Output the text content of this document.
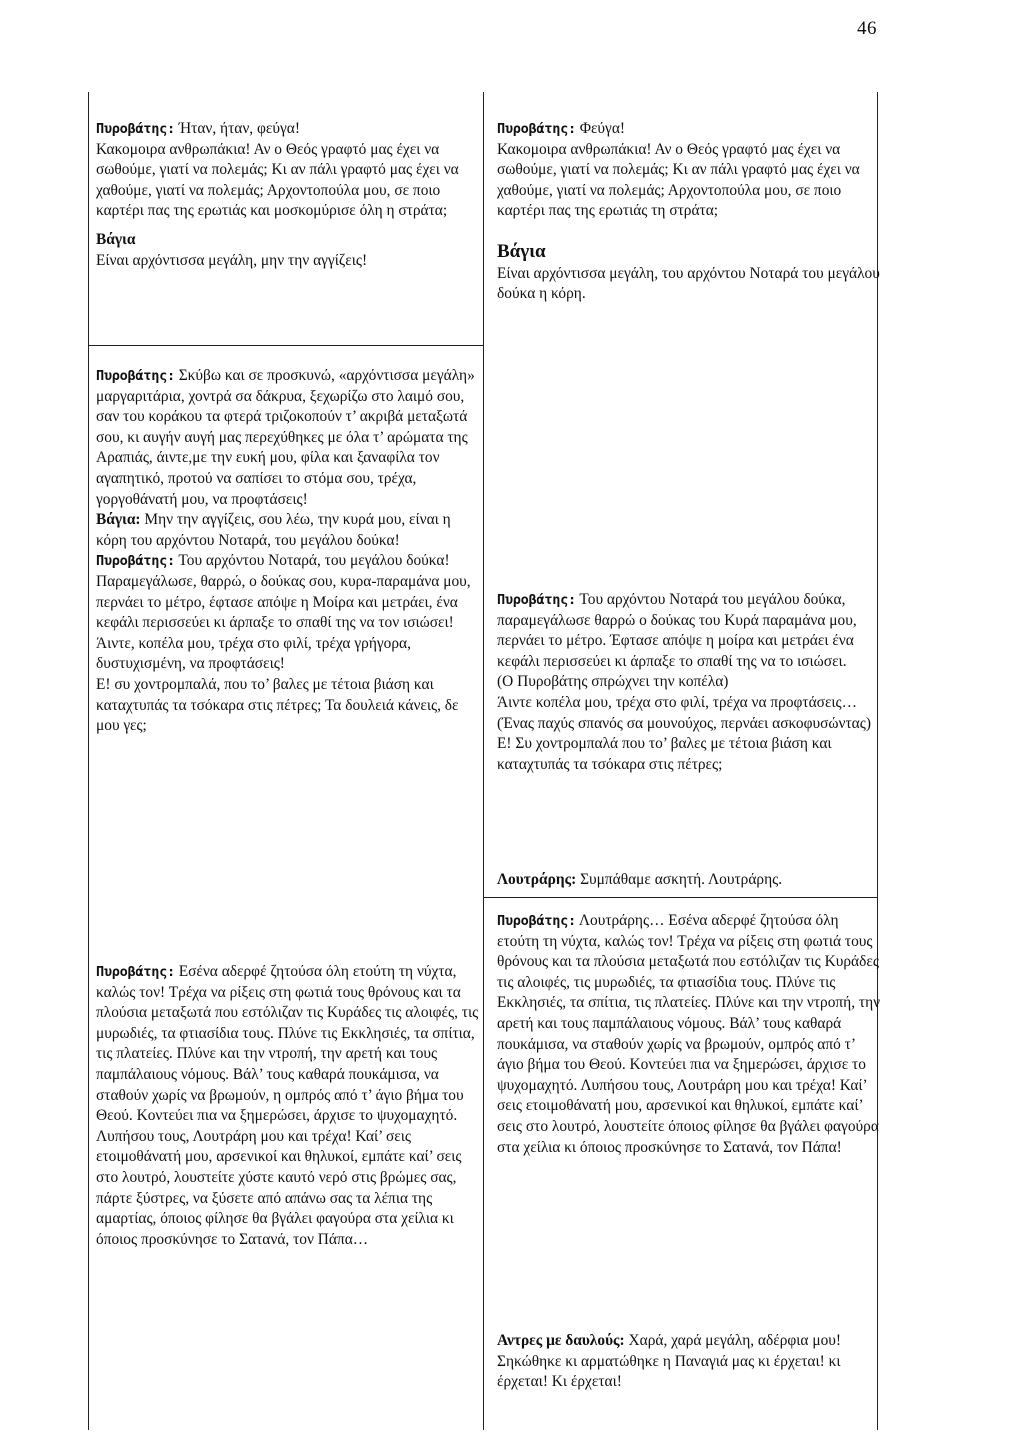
46

Πυροβάτης: Ήταν, ήταν, φεύγα!

Κακομοιρα ανθρωπάκια! Αν ο Θεός γραφτό μας έχει να σωθούμε, γιατί να πολεμάς; Κι αν πάλι γραφτό μας έχει να χαθούμε, γιατί να πολεμάς; Αρχοντοπούλα μου, σε ποιο καρτέρι πας της ερωτιάς και μοσκομύρισε όλη η στράτα;

Βάγια

Είναι αρχόντισσα μεγάλη, μην την αγγίζεις!

Πυροβάτης: Φεύγα!

Κακομοιρα ανθρωπάκια! Αν ο Θεός γραφτό μας έχει να σωθούμε, γιατί να πολεμάς; Κι αν πάλι γραφτό μας έχει να χαθούμε, γιατί να πολεμάς; Αρχοντοπούλα μου, σε ποιο καρτέρι πας της ερωτιάς τη στράτα;

Βάγια

Είναι αρχόντισσα μεγάλη, του αρχόντου Νοταρά του μεγάλου δούκα η κόρη.

Πυροβάτης: Σκύβω και σε προσκυνώ, «αρχόντισσα μεγάλη» μαργαριτάρια, χοντρά σα δάκρυα, ξεχωρίζω στο λαιμό σου, σαν του κοράκου τα φτερά τριζοκοπούν τ’ ακριβά μεταξωτά σου, κι αυγήν αυγή μας περεχύθηκες με όλα τ’ αρώματα της Αραπιάς, άιντε,με την ευκή μου, φίλα και ξαναφίλα τον αγαπητικό, προτού να σαπίσει το στόμα σου, τρέχα, γοργοθάνατή μου, να προφτάσεις!

Βάγια: Μην την αγγίζεις, σου λέω, την κυρά μου, είναι η κόρη του αρχόντου Νοταρά, του μεγάλου δούκα!

Πυροβάτης: Του αρχόντου Νοταρά, του μεγάλου δούκα! Παραμεγάλωσε, θαρρώ, ο δούκας σου, κυρα-παραμάνα μου, περνάει το μέτρο, έφτασε απόψε η Μοίρα και μετράει, ένα κεφάλι περισσεύει κι άρπαξε το σπαθί της να τον ισιώσει!

Άιντε, κοπέλα μου, τρέχα στο φιλί, τρέχα γρήγορα, δυστυχισμένη, να προφτάσεις!

Ε! συ χοντρομπαλά, που το’ βαλες με τέτοια βιάση και καταχτυπάς τα τσόκαρα στις πέτρες; Τα δουλειά κάνεις, δε μου γες;

Πυροβάτης: Του αρχόντου Νοταρά του μεγάλου δούκα, παραμεγάλωσε θαρρώ ο δούκας του Κυρά παραμάνα μου, περνάει το μέτρο. Έφτασε απόψε η μοίρα και μετράει ένα κεφάλι περισσεύει κι άρπαξε το σπαθί της να το ισιώσει.

(Ο Πυροβάτης σπρώχνει την κοπέλα)

Άιντε κοπέλα μου, τρέχα στο φιλί, τρέχα να προφτάσεις…

(Ένας παχύς σπανός σα μουνούχος, περνάει ασκοφυσώντας)

Ε! Συ χοντρομπαλά που το’ βαλες με τέτοια βιάση και καταχτυπάς τα τσόκαρα στις πέτρες;

Λουτράρης: Συμπάθαμε ασκητή. Λουτράρης.

Πυροβάτης: Εσένα αδερφέ ζητούσα όλη ετούτη τη νύχτα, καλώς τον! Τρέχα να ρίξεις στη φωτιά τους θρόνους και τα πλούσια μεταξωτά που εστόλιζαν τις Κυράδες τις αλοιφές, τις μυρωδιές, τα φτιασίδια τους. Πλύνε τις Εκκλησιές, τα σπίτια, τις πλατείες. Πλύνε και την ντροπή, την αρετή και τους παμπάλαιους νόμους. Βάλ’ τους καθαρά πουκάμισα, να σταθούν χωρίς να βρωμούν, η ομπρός από τ’ άγιο βήμα του Θεού. Κοντεύει πια να ξημερώσει, άρχισε το ψυχομαχητό. Λυπήσου τους, Λουτράρη μου και τρέχα! Καί’ σεις ετοιμοθάνατή μου, αρσενικοί και θηλυκοί, εμπάτε καί’ σεις στο λουτρό, λουστείτε χύστε καυτό νερό στις βρώμες σας, πάρτε ξύστρες, να ξύσετε από απάνω σας τα λέπια της αμαρτίας, όποιος φίλησε θα βγάλει φαγούρα στα χείλια κι όποιος προσκύνησε το Σατανά, τον Πάπα…

Πυροβάτης: Λουτράρης… Εσένα αδερφέ ζητούσα όλη ετούτη τη νύχτα, καλώς τον! Τρέχα να ρίξεις στη φωτιά τους θρόνους και τα πλούσια μεταξωτά που εστόλιζαν τις Κυράδες τις αλοιφές, τις μυρωδιές, τα φτιασίδια τους. Πλύνε τις Εκκλησιές, τα σπίτια, τις πλατείες. Πλύνε και την ντροπή, την αρετή και τους παμπάλαιους νόμους. Βάλ’ τους καθαρά πουκάμισα, να σταθούν χωρίς να βρωμούν, ομπρός από τ’ άγιο βήμα του Θεού. Κοντεύει πια να ξημερώσει, άρχισε το ψυχομαχητό. Λυπήσου τους, Λουτράρη μου και τρέχα! Καί’ σεις ετοιμοθάνατή μου, αρσενικοί και θηλυκοί, εμπάτε καί’ σεις στο λουτρό, λουστείτε όποιος φίλησε θα βγάλει φαγούρα στα χείλια κι όποιος προσκύνησε το Σατανά, τον Πάπα!

Αντρες με δαυλούς: Χαρά, χαρά μεγάλη, αδέρφια μου! Σηκώθηκε κι αρματώθηκε η Παναγιά μας κι έρχεται! κι έρχεται! Κι έρχεται!
